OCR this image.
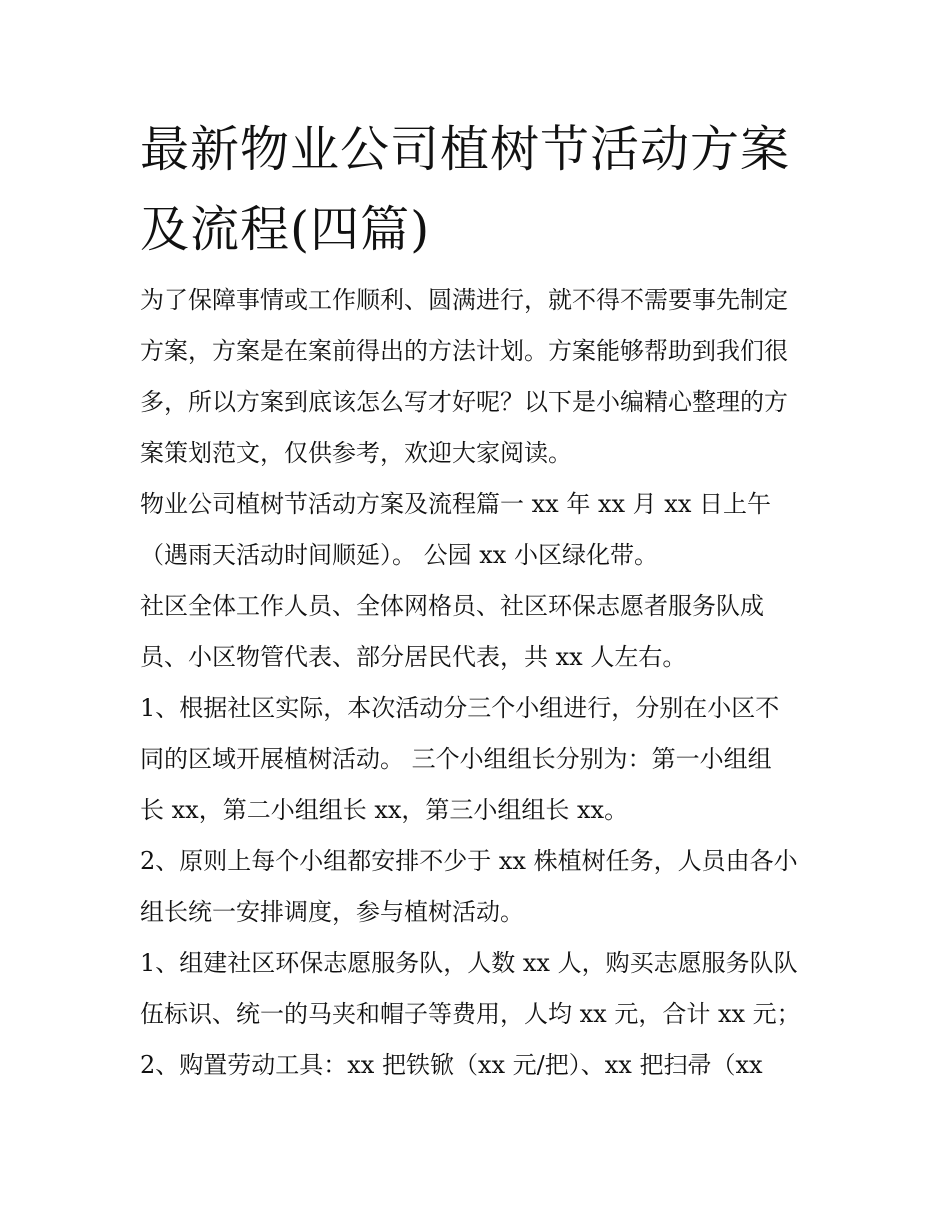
最新物业公司植树节活动方案
及流程(四篇)
为了保障事情或工作顺利、圆满进行，就不得不需要事先制定
方案，方案是在案前得出的方法计划。方案能够帮助到我们很
多，所以方案到底该怎么写才好呢？以下是小编精心整理的方
案策划范文，仅供参考，欢迎大家阅读。
物业公司植树节活动方案及流程篇一 xx 年 xx 月 xx 日上午
（遇雨天活动时间顺延）。 公园 xx 小区绿化带。
社区全体工作人员、全体网格员、社区环保志愿者服务队成
员、小区物管代表、部分居民代表，共 xx 人左右。
1、根据社区实际，本次活动分三个小组进行，分别在小区不
同的区域开展植树活动。 三个小组组长分别为：第一小组组
长 xx，第二小组组长 xx，第三小组组长 xx。
2、原则上每个小组都安排不少于 xx 株植树任务，人员由各小
组长统一安排调度，参与植树活动。
1、组建社区环保志愿服务队，人数 xx 人，购买志愿服务队队
伍标识、统一的马夹和帽子等费用，人均 xx 元，合计 xx 元；
2、购置劳动工具：xx 把铁锨（xx 元/把）、xx 把扫帚（xx
